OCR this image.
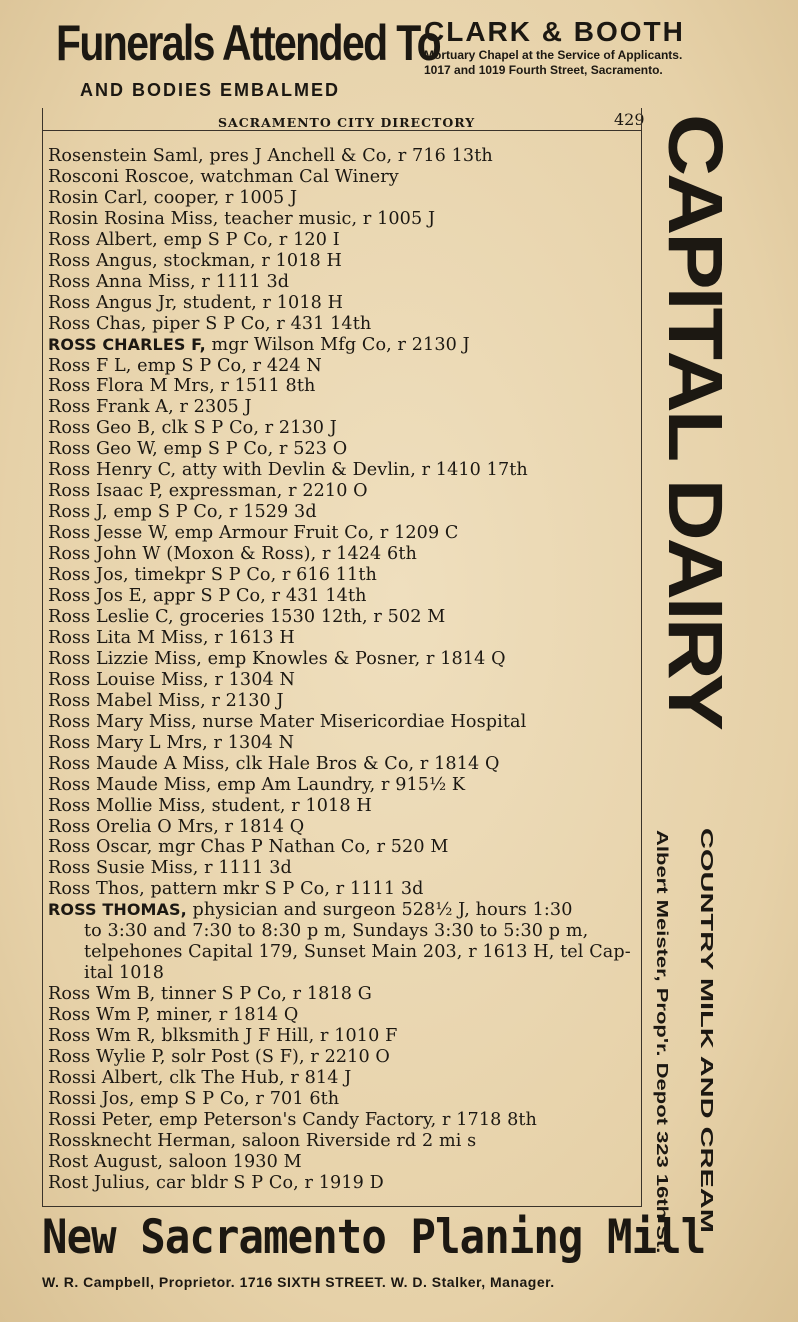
Funerals Attended To
AND BODIES EMBALMED
CLARK & BOOTH
Mortuary Chapel at the Service of Applicants. 1017 and 1019 Fourth Street, Sacramento.
SACRAMENTO CITY DIRECTORY	429
Rosenstein Saml, pres J Anchell & Co, r 716 13th
Rosconi Roscoe, watchman Cal Winery
Rosin Carl, cooper, r 1005 J
Rosin Rosina Miss, teacher music, r 1005 J
Ross Albert, emp S P Co, r 120 I
Ross Angus, stockman, r 1018 H
Ross Anna Miss, r 1111 3d
Ross Angus Jr, student, r 1018 H
Ross Chas, piper S P Co, r 431 14th
ROSS CHARLES F, mgr Wilson Mfg Co, r 2130 J
Ross F L, emp S P Co, r 424 N
Ross Flora M Mrs, r 1511 8th
Ross Frank A, r 2305 J
Ross Geo B, clk S P Co, r 2130 J
Ross Geo W, emp S P Co, r 523 O
Ross Henry C, atty with Devlin & Devlin, r 1410 17th
Ross Isaac P, expressman, r 2210 O
Ross J, emp S P Co, r 1529 3d
Ross Jesse W, emp Armour Fruit Co, r 1209 C
Ross John W (Moxon & Ross), r 1424 6th
Ross Jos, timekpr S P Co, r 616 11th
Ross Jos E, appr S P Co, r 431 14th
Ross Leslie C, groceries 1530 12th, r 502 M
Ross Lita M Miss, r 1613 H
Ross Lizzie Miss, emp Knowles & Posner, r 1814 Q
Ross Louise Miss, r 1304 N
Ross Mabel Miss, r 2130 J
Ross Mary Miss, nurse Mater Misericordiae Hospital
Ross Mary L Mrs, r 1304 N
Ross Maude A Miss, clk Hale Bros & Co, r 1814 Q
Ross Maude Miss, emp Am Laundry, r 915½ K
Ross Mollie Miss, student, r 1018 H
Ross Orelia O Mrs, r 1814 Q
Ross Oscar, mgr Chas P Nathan Co, r 520 M
Ross Susie Miss, r 1111 3d
Ross Thos, pattern mkr S P Co, r 1111 3d
ROSS THOMAS, physician and surgeon 528½ J, hours 1:30
to 3:30 and 7:30 to 8:30 p m, Sundays 3:30 to 5:30 p m,
telpehones Capital 179, Sunset Main 203, r 1613 H, tel Cap-
ital 1018
Ross Wm B, tinner S P Co, r 1818 G
Ross Wm P, miner, r 1814 Q
Ross Wm R, blksmith J F Hill, r 1010 F
Ross Wylie P, solr Post (S F), r 2210 O
Rossi Albert, clk The Hub, r 814 J
Rossi Jos, emp S P Co, r 701 6th
Rossi Peter, emp Peterson's Candy Factory, r 1718 8th
Rossknecht Herman, saloon Riverside rd 2 mi s
Rost August, saloon 1930 M
Rost Julius, car bldr S P Co, r 1919 D
CAPITAL DAIRY
COUNTRY MILK AND CREAM
Albert Meister, Prop'r. Depot 323 16th St.
New Sacramento Planing Mill
W. R. Campbell, Proprietor. 1716 SIXTH STREET. W. D. Stalker, Manager.
